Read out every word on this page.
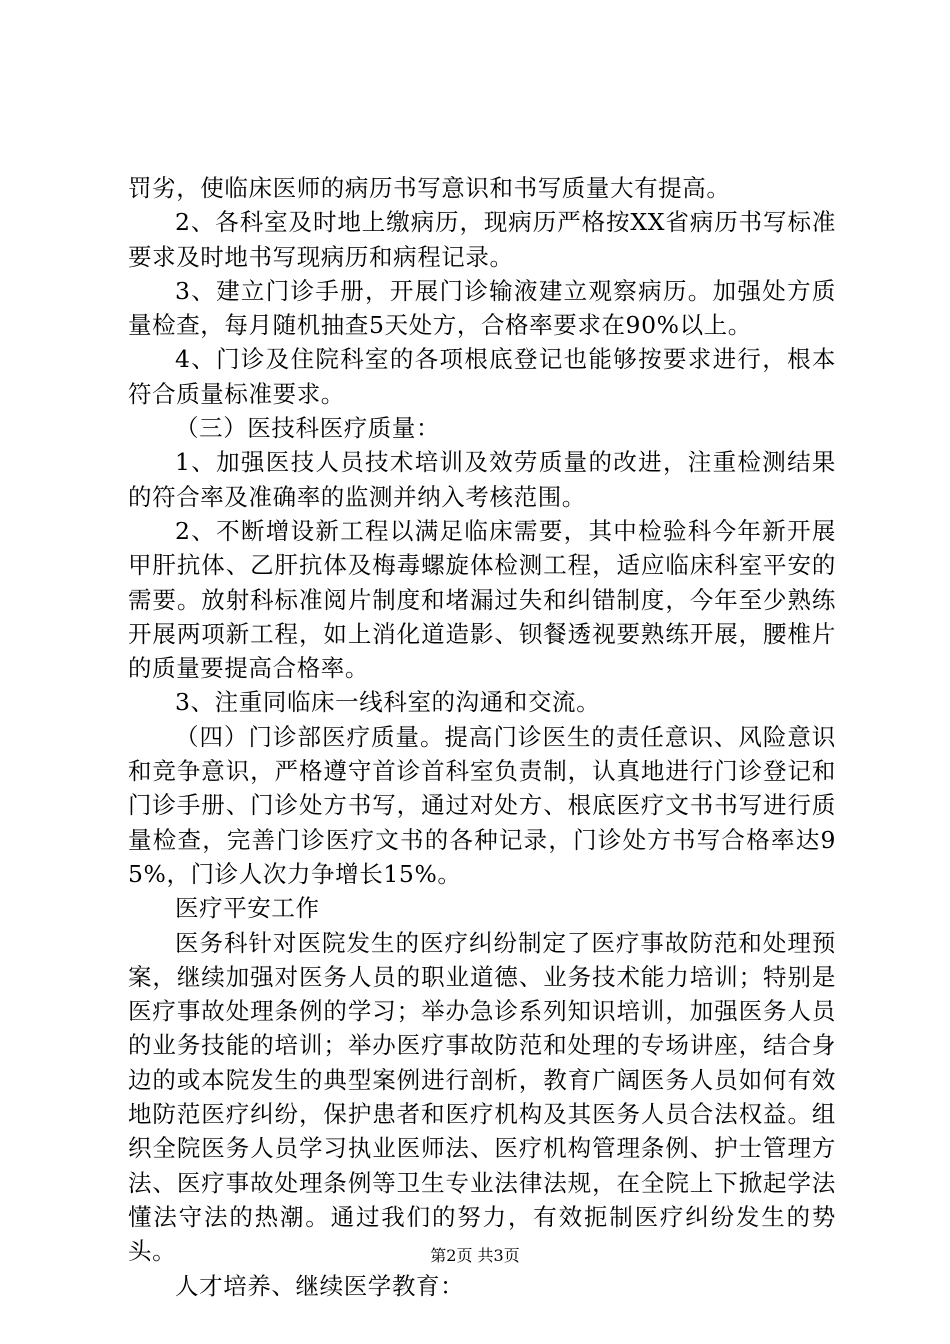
罚劣，使临床医师的病历书写意识和书写质量大有提高。

2、各科室及时地上缴病历，现病历严格按XX省病历书写标准要求及时地书写现病历和病程记录。

3、建立门诊手册，开展门诊输液建立观察病历。加强处方质量检查，每月随机抽查5天处方，合格率要求在90%以上。

4、门诊及住院科室的各项根底登记也能够按要求进行，根本符合质量标准要求。

（三）医技科医疗质量：

1、加强医技人员技术培训及效劳质量的改进，注重检测结果的符合率及准确率的监测并纳入考核范围。

2、不断增设新工程以满足临床需要，其中检验科今年新开展甲肝抗体、乙肝抗体及梅毒螺旋体检测工程，适应临床科室平安的需要。放射科标准阅片制度和堵漏过失和纠错制度，今年至少熟练开展两项新工程，如上消化道造影、钡餐透视要熟练开展，腰椎片的质量要提高合格率。

3、注重同临床一线科室的沟通和交流。

（四）门诊部医疗质量。提高门诊医生的责任意识、风险意识和竞争意识，严格遵守首诊首科室负责制，认真地进行门诊登记和门诊手册、门诊处方书写，通过对处方、根底医疗文书书写进行质量检查，完善门诊医疗文书的各种记录，门诊处方书写合格率达95%，门诊人次力争增长15%。

医疗平安工作

医务科针对医院发生的医疗纠纷制定了医疗事故防范和处理预案，继续加强对医务人员的职业道德、业务技术能力培训；特别是医疗事故处理条例的学习；举办急诊系列知识培训，加强医务人员的业务技能的培训；举办医疗事故防范和处理的专场讲座，结合身边的或本院发生的典型案例进行剖析，教育广阔医务人员如何有效地防范医疗纠纷，保护患者和医疗机构及其医务人员合法权益。组织全院医务人员学习执业医师法、医疗机构管理条例、护士管理方法、医疗事故处理条例等卫生专业法律法规，在全院上下掀起学法懂法守法的热潮。通过我们的努力，有效扼制医疗纠纷发生的势头。

人才培养、继续医学教育：

第2页 共3页
